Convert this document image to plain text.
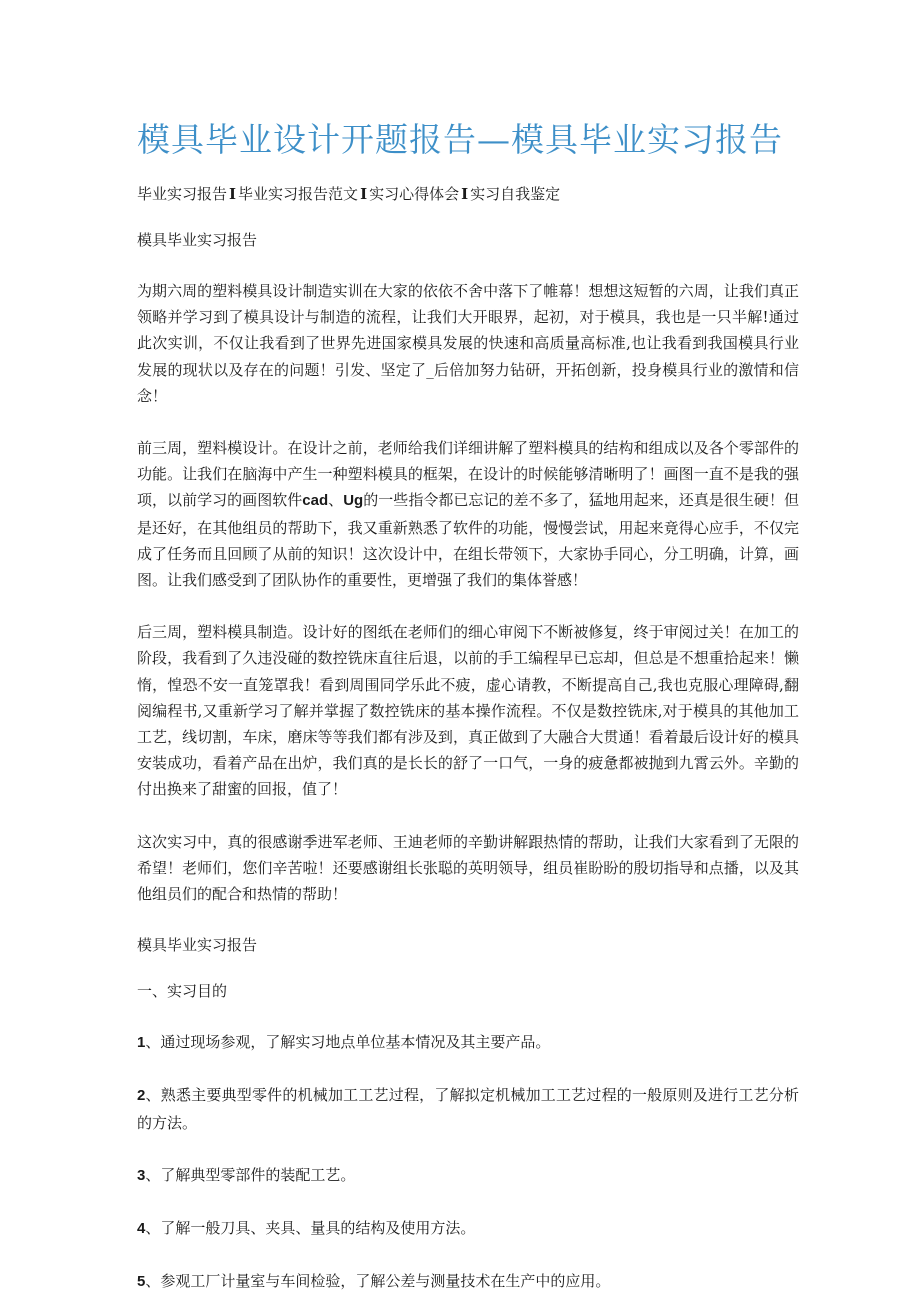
模具毕业设计开题报告—模具毕业实习报告
毕业实习报告 I 毕业实习报告范文 I 实习心得体会 I 实习自我鉴定

模具毕业实习报告

为期六周的塑料模具设计制造实训在大家的依依不舍中落下了帷幕！想想这短暂的六周，让我们真正领略并学习到了模具设计与制造的流程，让我们大开眼界，起初，对于模具，我也是一只半解!通过此次实训，不仅让我看到了世界先进国家模具发展的快速和高质量高标准,也让我看到我国模具行业发展的现状以及存在的问题！引发、坚定了_后倍加努力钻研，开拓创新，投身模具行业的激情和信念！

前三周，塑料模设计。在设计之前，老师给我们详细讲解了塑料模具的结构和组成以及各个零部件的功能。让我们在脑海中产生一种塑料模具的框架，在设计的时候能够清晰明了！画图一直不是我的强项，以前学习的画图软件cad、Ug的一些指令都已忘记的差不多了，猛地用起来，还真是很生硬！但是还好，在其他组员的帮助下，我又重新熟悉了软件的功能，慢慢尝试，用起来竟得心应手，不仅完成了任务而且回顾了从前的知识！这次设计中，在组长带领下，大家协手同心，分工明确，计算，画图。让我们感受到了团队协作的重要性，更增强了我们的集体誉感！

后三周，塑料模具制造。设计好的图纸在老师们的细心审阅下不断被修复，终于审阅过关！在加工的阶段，我看到了久违没碰的数控铣床直往后退，以前的手工编程早已忘却，但总是不想重拾起来！懒惰，惶恐不安一直笼罩我！看到周围同学乐此不疲，虚心请教，不断提高自己,我也克服心理障碍,翻阅编程书,又重新学习了解并掌握了数控铣床的基本操作流程。不仅是数控铣床,对于模具的其他加工工艺，线切割，车床，磨床等等我们都有涉及到，真正做到了大融合大贯通！看着最后设计好的模具安装成功，看着产品在出炉，我们真的是长长的舒了一口气，一身的疲惫都被抛到九霄云外。辛勤的付出换来了甜蜜的回报，值了！

这次实习中，真的很感谢季进军老师、王迪老师的辛勤讲解跟热情的帮助，让我们大家看到了无限的希望！老师们，您们辛苦啦！还要感谢组长张聪的英明领导，组员崔盼盼的殷切指导和点播，以及其他组员们的配合和热情的帮助！

模具毕业实习报告

一、实习目的

1、通过现场参观，了解实习地点单位基本情况及其主要产品。

2、熟悉主要典型零件的机械加工工艺过程，了解拟定机械加工工艺过程的一般原则及进行工艺分析的方法。

3、了解典型零部件的装配工艺。

4、了解一般刀具、夹具、量具的结构及使用方法。

5、参观工厂计量室与车间检验，了解公差与测量技术在生产中的应用。
